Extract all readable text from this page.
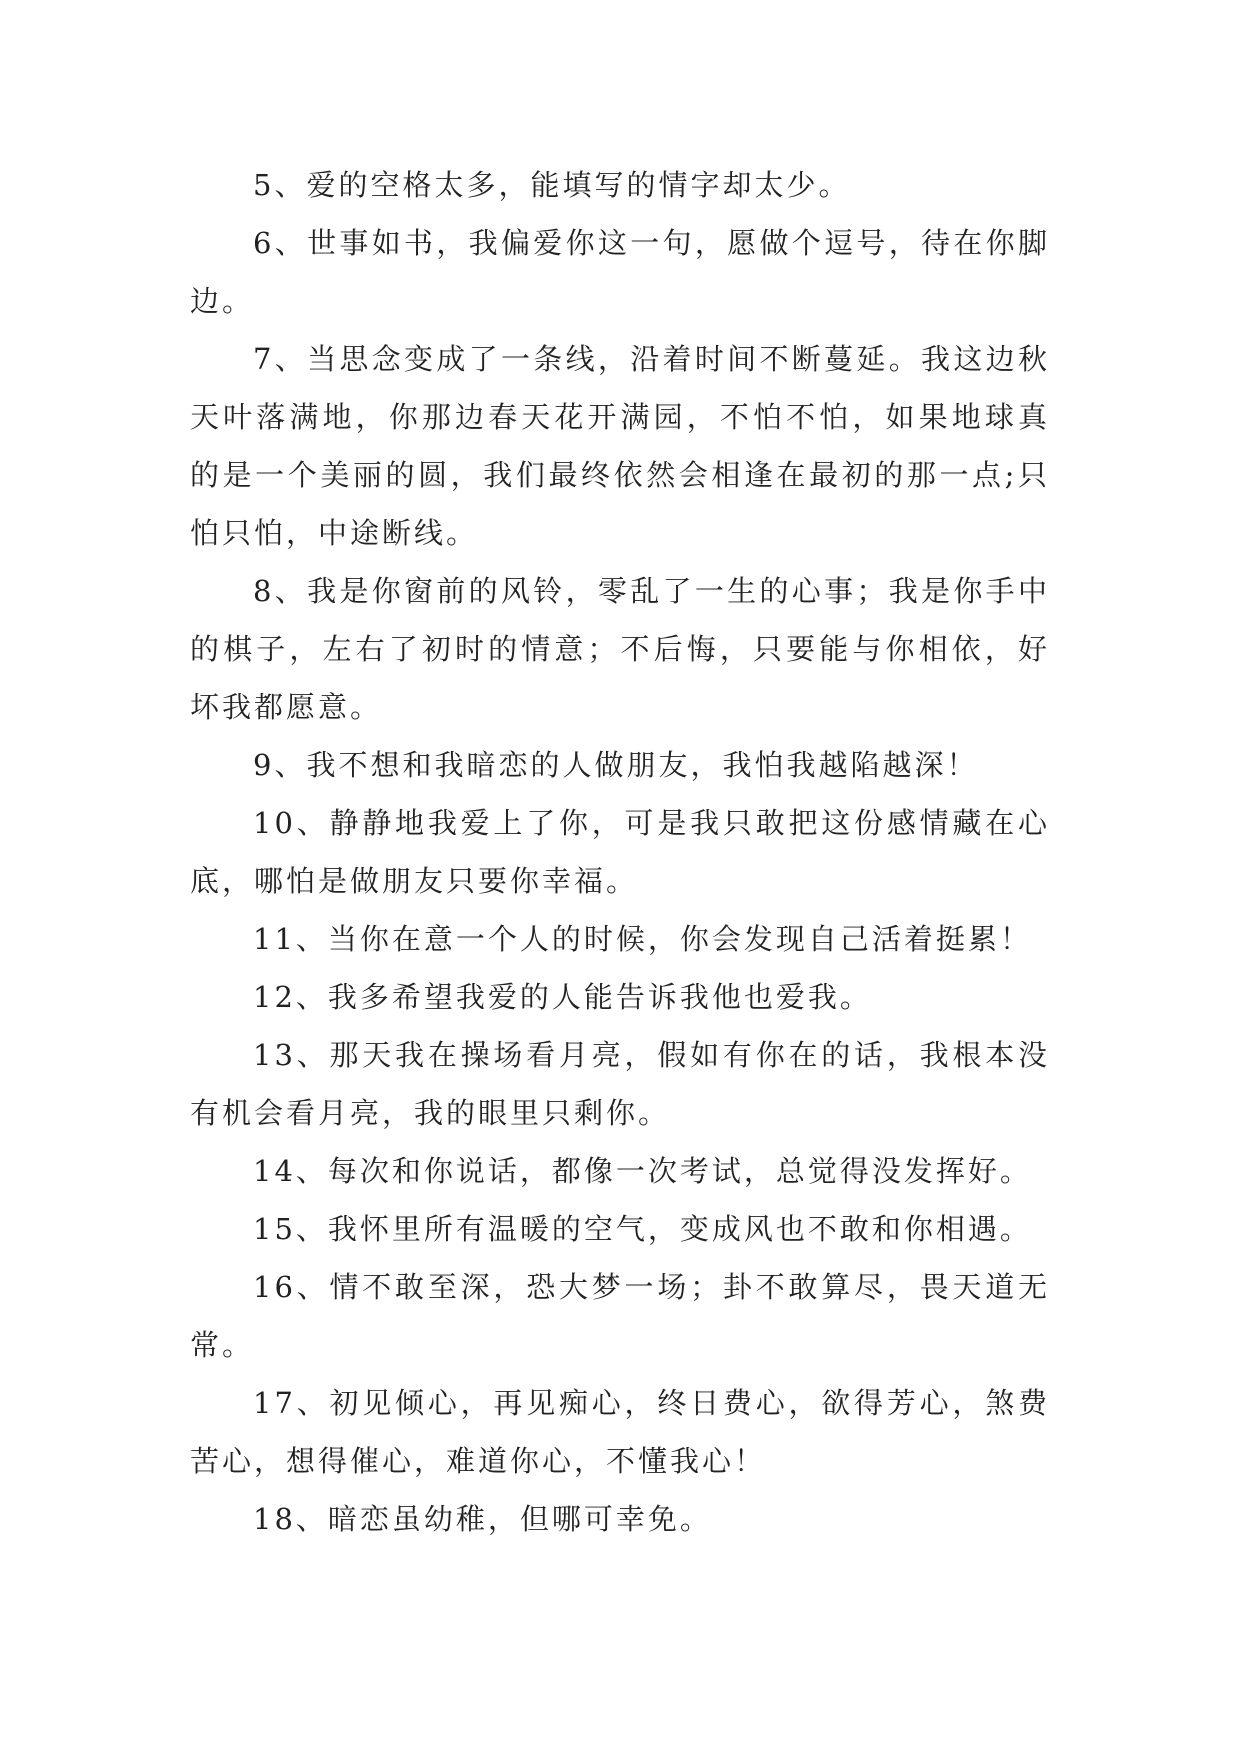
5、爱的空格太多，能填写的情字却太少。

6、世事如书，我偏爱你这一句，愿做个逗号，待在你脚边。

7、当思念变成了一条线，沿着时间不断蔓延。我这边秋天叶落满地，你那边春天花开满园，不怕不怕，如果地球真的是一个美丽的圆，我们最终依然会相逢在最初的那一点;只怕只怕，中途断线。

8、我是你窗前的风铃，零乱了一生的心事；我是你手中的棋子，左右了初时的情意；不后悔，只要能与你相依，好坏我都愿意。

9、我不想和我暗恋的人做朋友，我怕我越陷越深！

10、静静地我爱上了你，可是我只敢把这份感情藏在心底，哪怕是做朋友只要你幸福。

11、当你在意一个人的时候，你会发现自己活着挺累！

12、我多希望我爱的人能告诉我他也爱我。

13、那天我在操场看月亮，假如有你在的话，我根本没有机会看月亮，我的眼里只剩你。

14、每次和你说话，都像一次考试，总觉得没发挥好。

15、我怀里所有温暖的空气，变成风也不敢和你相遇。

16、情不敢至深，恐大梦一场；卦不敢算尽，畏天道无常。

17、初见倾心，再见痴心，终日费心，欲得芳心，煞费苦心，想得催心，难道你心，不懂我心！

18、暗恋虽幼稚，但哪可幸免。
